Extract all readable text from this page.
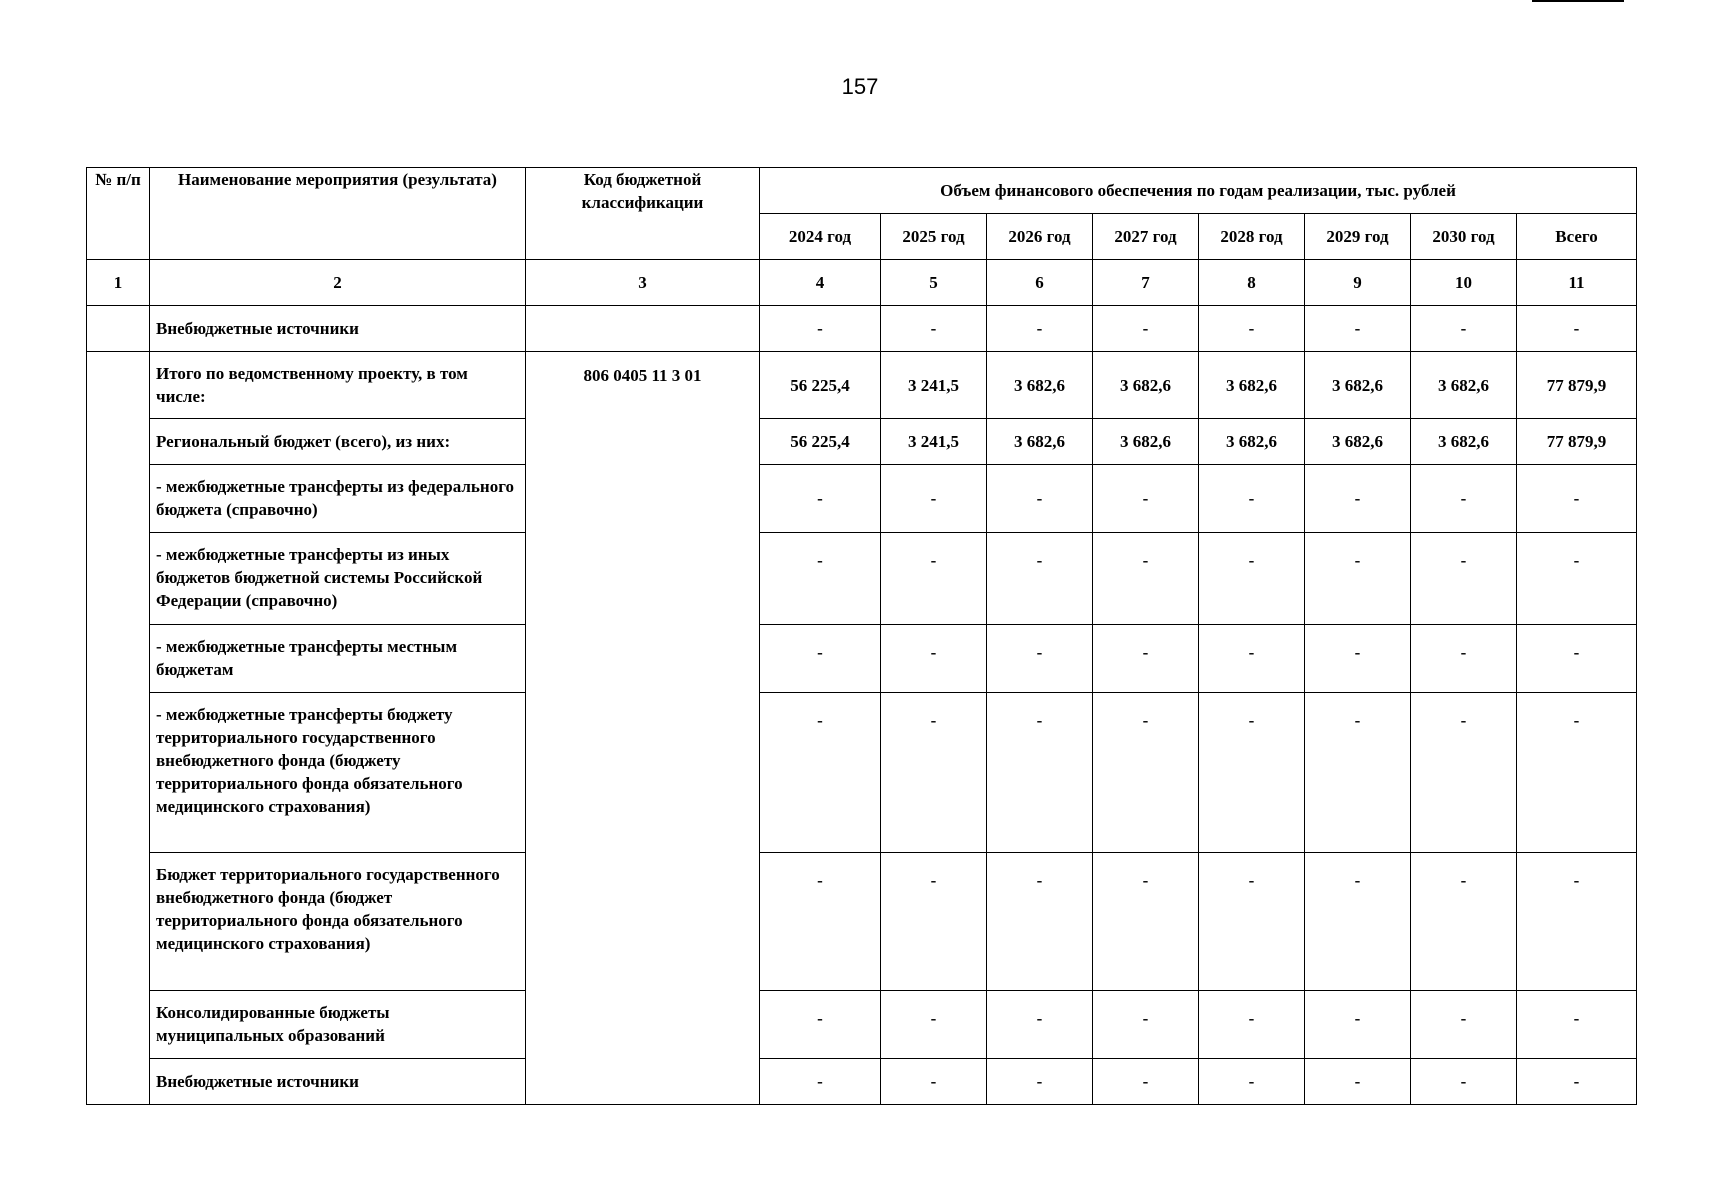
157
№ п/п	Наименование мероприятия (результата)	Код бюджетной классификации	Объем финансового обеспечения по годам реализации, тыс. рублей							
			2024 год	2025 год	2026 год	2027 год	2028 год	2029 год	2030 год	Всего
1	2	3	4	5	6	7	8	9	10	11
	Внебюджетные источники		-	-	-	-	-	-	-	-
	Итого по ведомственному проекту, в том числе:	806 0405 11 3 01	56 225,4	3 241,5	3 682,6	3 682,6	3 682,6	3 682,6	3 682,6	77 879,9
	Региональный бюджет (всего), из них:		56 225,4	3 241,5	3 682,6	3 682,6	3 682,6	3 682,6	3 682,6	77 879,9
	- межбюджетные трансферты из федерального бюджета (справочно)		-	-	-	-	-	-	-	-
	- межбюджетные трансферты из иных бюджетов бюджетной системы Российской Федерации (справочно)		-	-	-	-	-	-	-	-
	- межбюджетные трансферты местным бюджетам		-	-	-	-	-	-	-	-
	- межбюджетные трансферты бюджету территориального государственного внебюджетного фонда (бюджету территориального фонда обязательного медицинского страхования)		-	-	-	-	-	-	-	-
	Бюджет территориального государственного внебюджетного фонда (бюджет территориального фонда обязательного медицинского страхования)		-	-	-	-	-	-	-	-
	Консолидированные бюджеты муниципальных образований		-	-	-	-	-	-	-	-
	Внебюджетные источники		-	-	-	-	-	-	-	-
